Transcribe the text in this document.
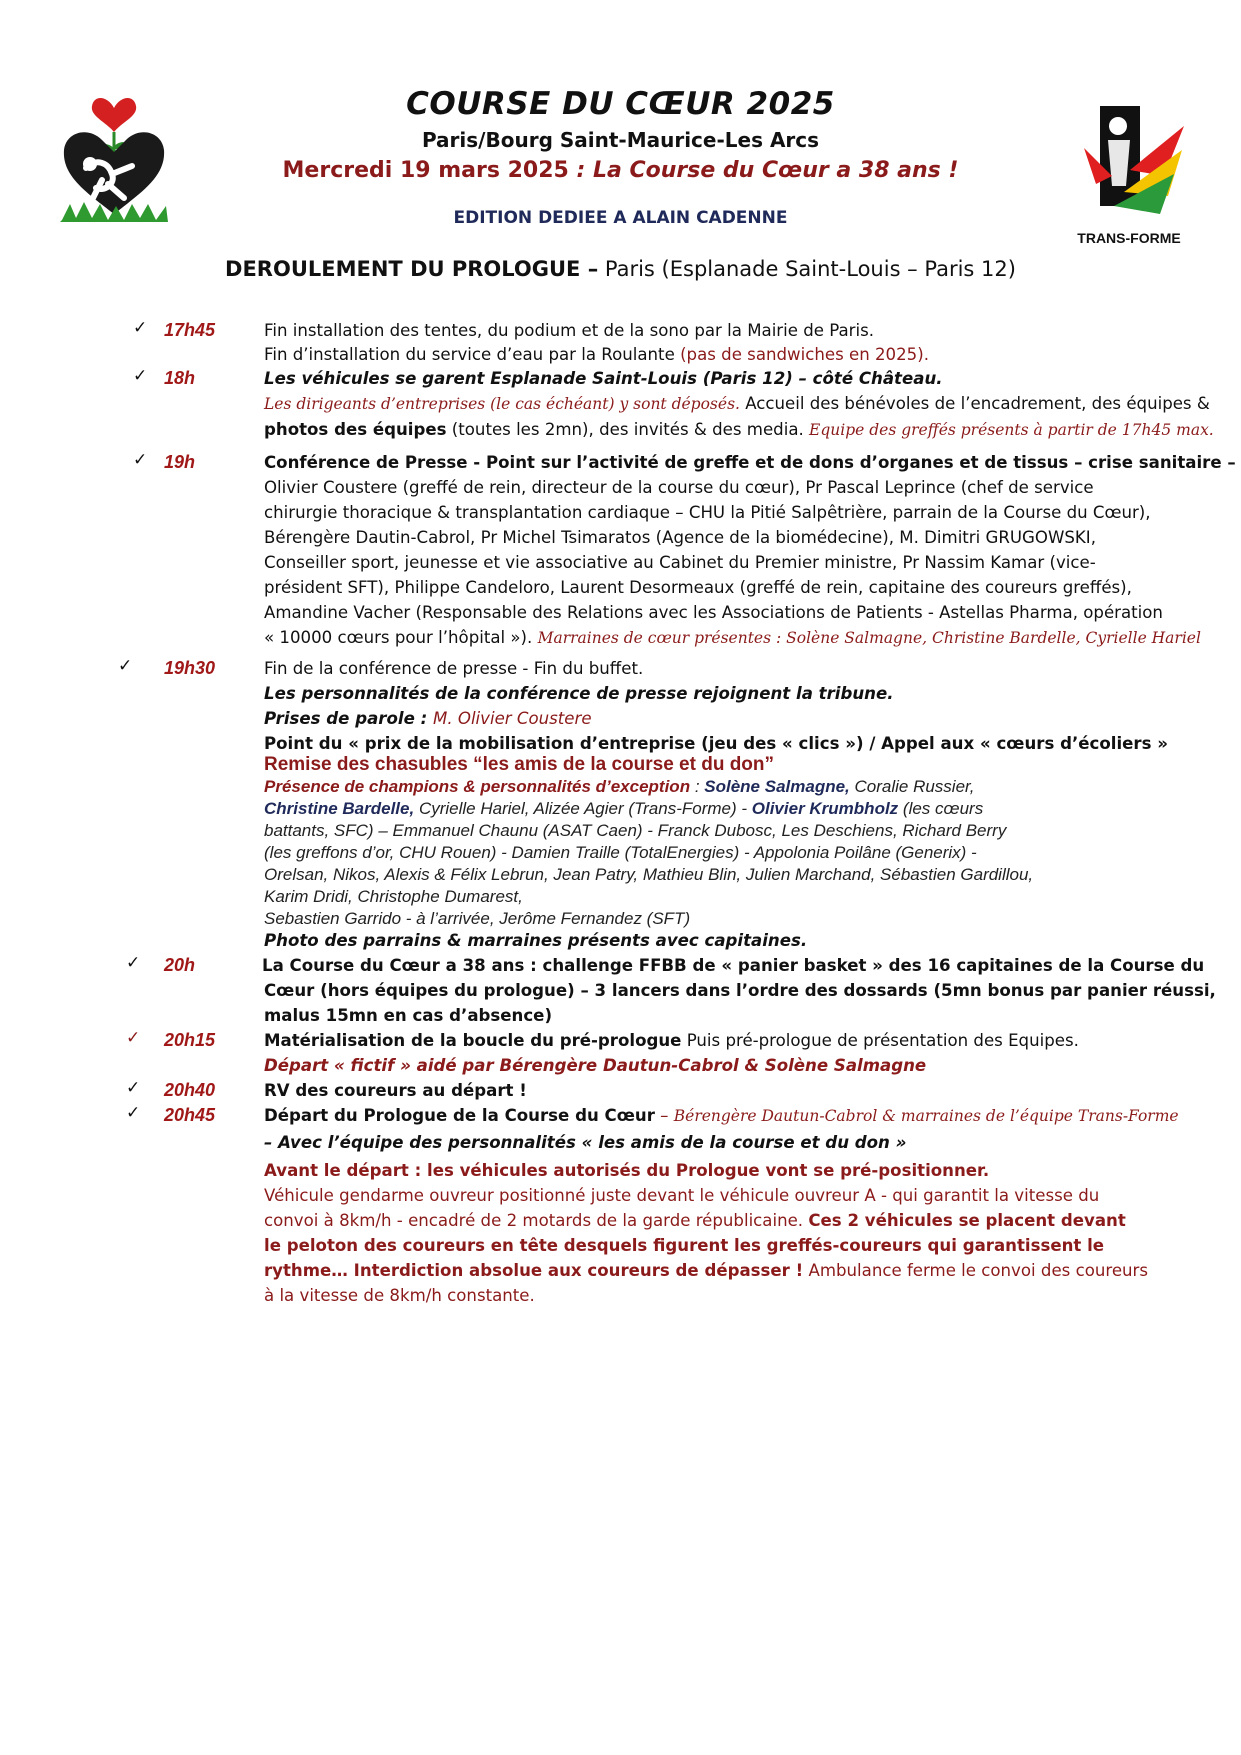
TRANS-FORME
COURSE DU CŒUR 2025
Paris/Bourg Saint-Maurice-Les Arcs
Mercredi 19 mars 2025 : La Course du Cœur a 38 ans !
EDITION DEDIEE A ALAIN CADENNE
DEROULEMENT DU PROLOGUE – Paris (Esplanade Saint-Louis – Paris 12)
✓ 17h45	Fin installation des tentes, du podium et de la sono par la Mairie de Paris.
Fin d’installation du service d’eau par la Roulante (pas de sandwiches en 2025).
✓ 18h	Les véhicules se garent Esplanade Saint-Louis (Paris 12) – côté Château.
Les dirigeants d’entreprises (le cas échéant) y sont déposés. Accueil des bénévoles de l’encadrement, des équipes &
photos des équipes (toutes les 2mn), des invités & des media. Equipe des greffés présents à partir de 17h45 max.
✓ 19h	Conférence de Presse - Point sur l’activité de greffe et de dons d’organes et de tissus – crise sanitaire –
Olivier Coustere (greffé de rein, directeur de la course du cœur), Pr Pascal Leprince (chef de service
chirurgie thoracique & transplantation cardiaque – CHU la Pitié Salpêtrière, parrain de la Course du Cœur),
Bérengère Dautin-Cabrol, Pr Michel Tsimaratos (Agence de la biomédecine), M. Dimitri GRUGOWSKI,
Conseiller sport, jeunesse et vie associative au Cabinet du Premier ministre, Pr Nassim Kamar (vice-
président SFT), Philippe Candeloro, Laurent Desormeaux (greffé de rein, capitaine des coureurs greffés),
Amandine Vacher (Responsable des Relations avec les Associations de Patients - Astellas Pharma, opération
« 10000 cœurs pour l’hôpital »). Marraines de cœur présentes : Solène Salmagne, Christine Bardelle, Cyrielle Hariel
✓ 19h30	Fin de la conférence de presse - Fin du buffet.
Les personnalités de la conférence de presse rejoignent la tribune.
Prises de parole : M. Olivier Coustere
Point du « prix de la mobilisation d’entreprise (jeu des « clics ») / Appel aux « cœurs d’écoliers »
Remise des chasubles “les amis de la course et du don”
Présence de champions & personnalités d’exception : Solène Salmagne, Coralie Russier,
Christine Bardelle, Cyrielle Hariel, Alizée Agier (Trans-Forme) - Olivier Krumbholz (les cœurs
battants, SFC) – Emmanuel Chaunu (ASAT Caen) - Franck Dubosc, Les Deschiens, Richard Berry
(les greffons d’or, CHU Rouen) - Damien Traille (TotalEnergies) - Appolonia Poilâne (Generix) -
Orelsan, Nikos, Alexis & Félix Lebrun, Jean Patry, Mathieu Blin, Julien Marchand, Sébastien Gardillou,
Karim Dridi, Christophe Dumarest,
Sebastien Garrido - à l’arrivée, Jerôme Fernandez (SFT)
Photo des parrains & marraines présents avec capitaines.
✓ 20h	La Course du Cœur a 38 ans : challenge FFBB de « panier basket » des 16 capitaines de la Course du
Cœur (hors équipes du prologue) – 3 lancers dans l’ordre des dossards (5mn bonus par panier réussi,
malus 15mn en cas d’absence)
✓ 20h15	Matérialisation de la boucle du pré-prologue Puis pré-prologue de présentation des Equipes.
Départ « fictif » aidé par Bérengère Dautun-Cabrol & Solène Salmagne
✓ 20h40	RV des coureurs au départ !
✓ 20h45	Départ du Prologue de la Course du Cœur – Bérengère Dautun-Cabrol & marraines de l’équipe Trans-Forme
– Avec l’équipe des personnalités « les amis de la course et du don »
Avant le départ : les véhicules autorisés du Prologue vont se pré-positionner.
Véhicule gendarme ouvreur positionné juste devant le véhicule ouvreur A - qui garantit la vitesse du
convoi à 8km/h - encadré de 2 motards de la garde républicaine. Ces 2 véhicules se placent devant
le peloton des coureurs en tête desquels figurent les greffés-coureurs qui garantissent le
rythme… Interdiction absolue aux coureurs de dépasser ! Ambulance ferme le convoi des coureurs
à la vitesse de 8km/h constante.
